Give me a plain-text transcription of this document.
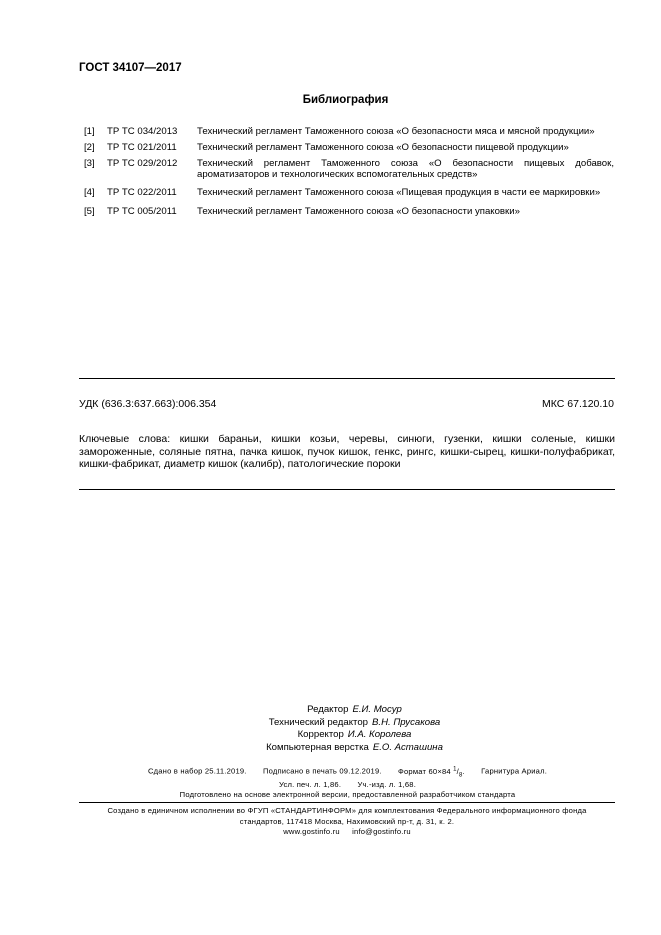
ГОСТ 34107—2017
Библиография
[1] ТР ТС 034/2013 Технический регламент Таможенного союза «О безопасности мяса и мясной продукции»
[2] ТР ТС 021/2011 Технический регламент Таможенного союза «О безопасности пищевой продукции»
[3] ТР ТС 029/2012 Технический регламент Таможенного союза «О безопасности пищевых добавок, ароматизаторов и технологических вспомогательных средств»
[4] ТР ТС 022/2011 Технический регламент Таможенного союза «Пищевая продукция в части ее маркировки»
[5] ТР ТС 005/2011 Технический регламент Таможенного союза «О безопасности упаковки»
УДК (636.3:637.663):006.354	МКС 67.120.10
Ключевые слова: кишки бараньи, кишки козьи, черевы, синюги, гузенки, кишки соленые, кишки замороженные, соляные пятна, пачка кишок, пучок кишок, генкс, рингс, кишки-сырец, кишки-полуфабрикат, кишки-фабрикат, диаметр кишок (калибр), патологические пороки
Редактор Е.И. Мосур
Технический редактор В.Н. Прусакова
Корректор И.А. Королева
Компьютерная верстка Е.О. Асташина
Сдано в набор 25.11.2019. Подписано в печать 09.12.2019. Формат 60×84 $^1/_8$. Гарнитура Ариал.
Усл. печ. л. 1,86. Уч.-изд. л. 1,68.
Подготовлено на основе электронной версии, предоставленной разработчиком стандарта
Создано в единичном исполнении во ФГУП «СТАНДАРТИНФОРМ» для комплектования Федерального информационного фонда
стандартов, 117418 Москва, Нахимовский пр-т, д. 31, к. 2.
www.gostinfo.ru info@gostinfo.ru
